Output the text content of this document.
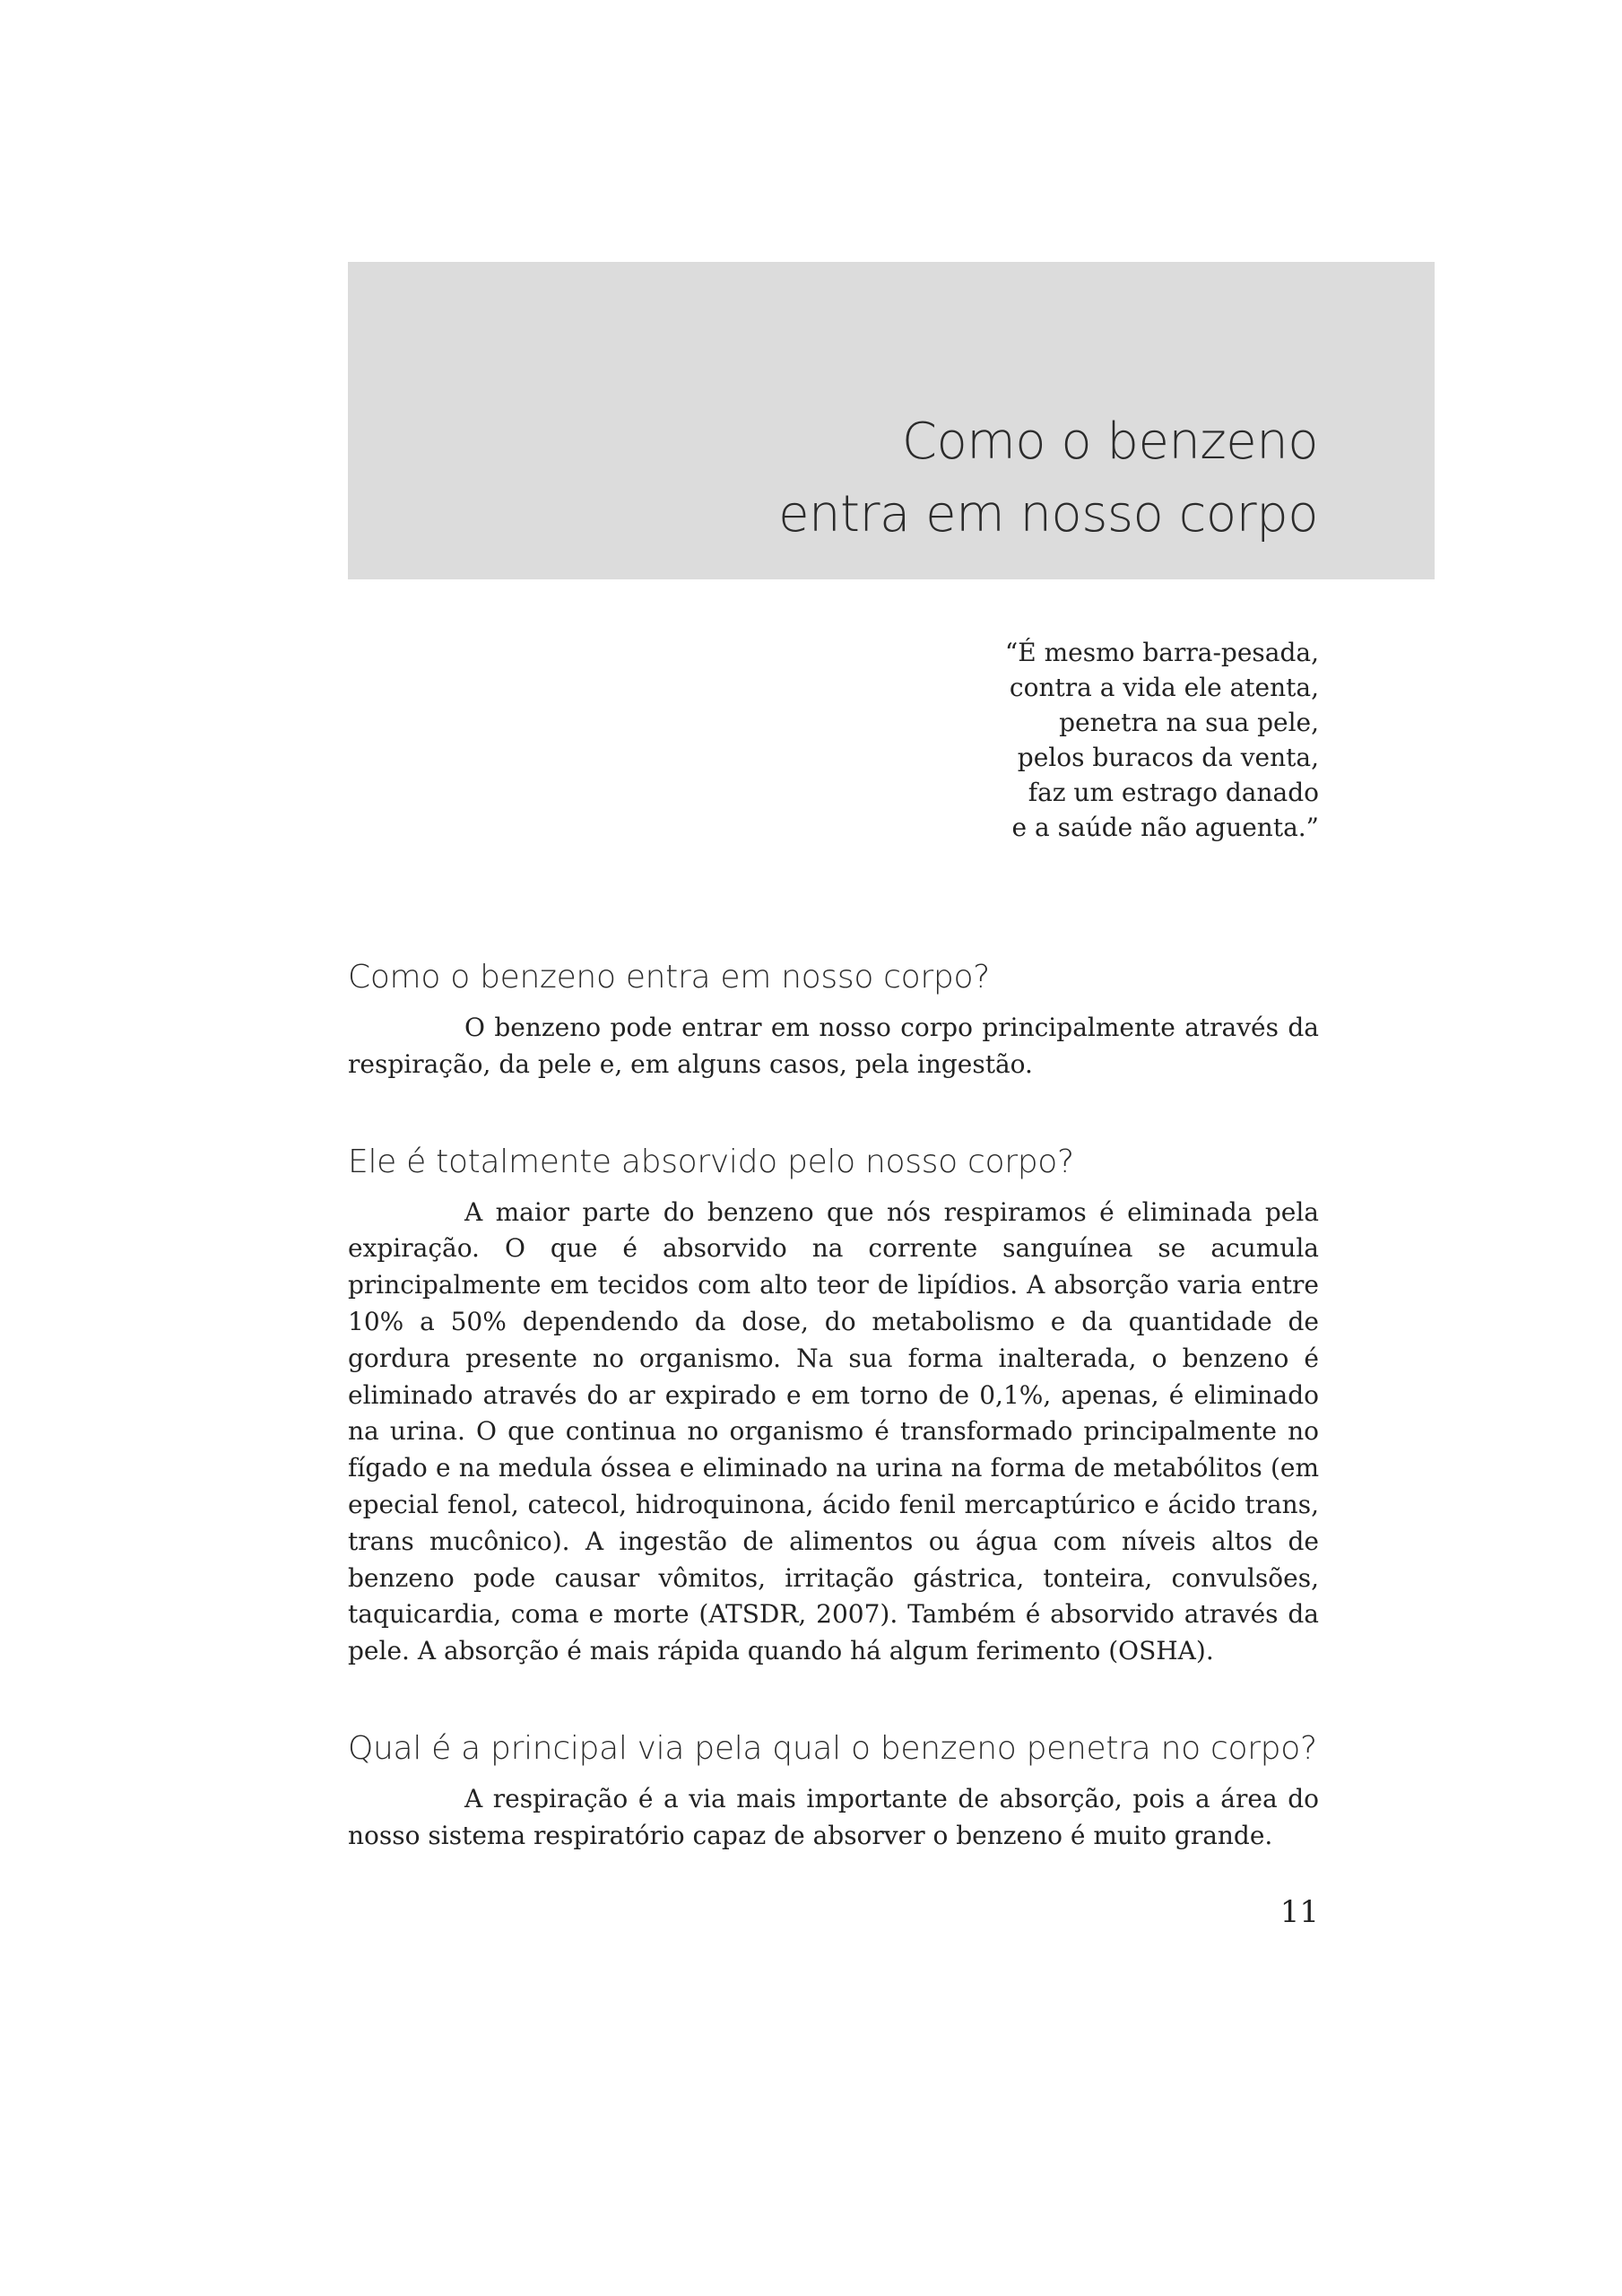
Como o benzeno
entra em nosso corpo
“É mesmo barra-pesada,
contra a vida ele atenta,
penetra na sua pele,
pelos buracos da venta,
faz um estrago danado
e a saúde não aguenta.”
Como o benzeno entra em nosso corpo?

O benzeno pode entrar em nosso corpo principalmente através da respiração, da pele e, em alguns casos, pela ingestão.

Ele é totalmente absorvido pelo nosso corpo?

A maior parte do benzeno que nós respiramos é eliminada pela expiração. O que é absorvido na corrente sanguínea se acumula principalmente em tecidos com alto teor de lipídios. A absorção varia entre 10% a 50% dependendo da dose, do metabolismo e da quantidade de gordura presente no organismo. Na sua forma inalterada, o benzeno é eliminado através do ar expirado e em torno de 0,1%, apenas, é eliminado na urina. O que continua no organismo é transformado principalmente no fígado e na medula óssea e eliminado na urina na forma de metabólitos (em epecial fenol, catecol, hidroquinona, ácido fenil mercaptúrico e ácido trans, trans mucônico). A ingestão de alimentos ou água com níveis altos de benzeno pode causar vômitos, irritação gástrica, tonteira, convulsões, taquicardia, coma e morte (ATSDR, 2007). Também é absorvido através da pele. A absorção é mais rápida quando há algum ferimento (OSHA).

Qual é a principal via pela qual o benzeno penetra no corpo?

A respiração é a via mais importante de absorção, pois a área do nosso sistema respiratório capaz de absorver o benzeno é muito grande.

11
